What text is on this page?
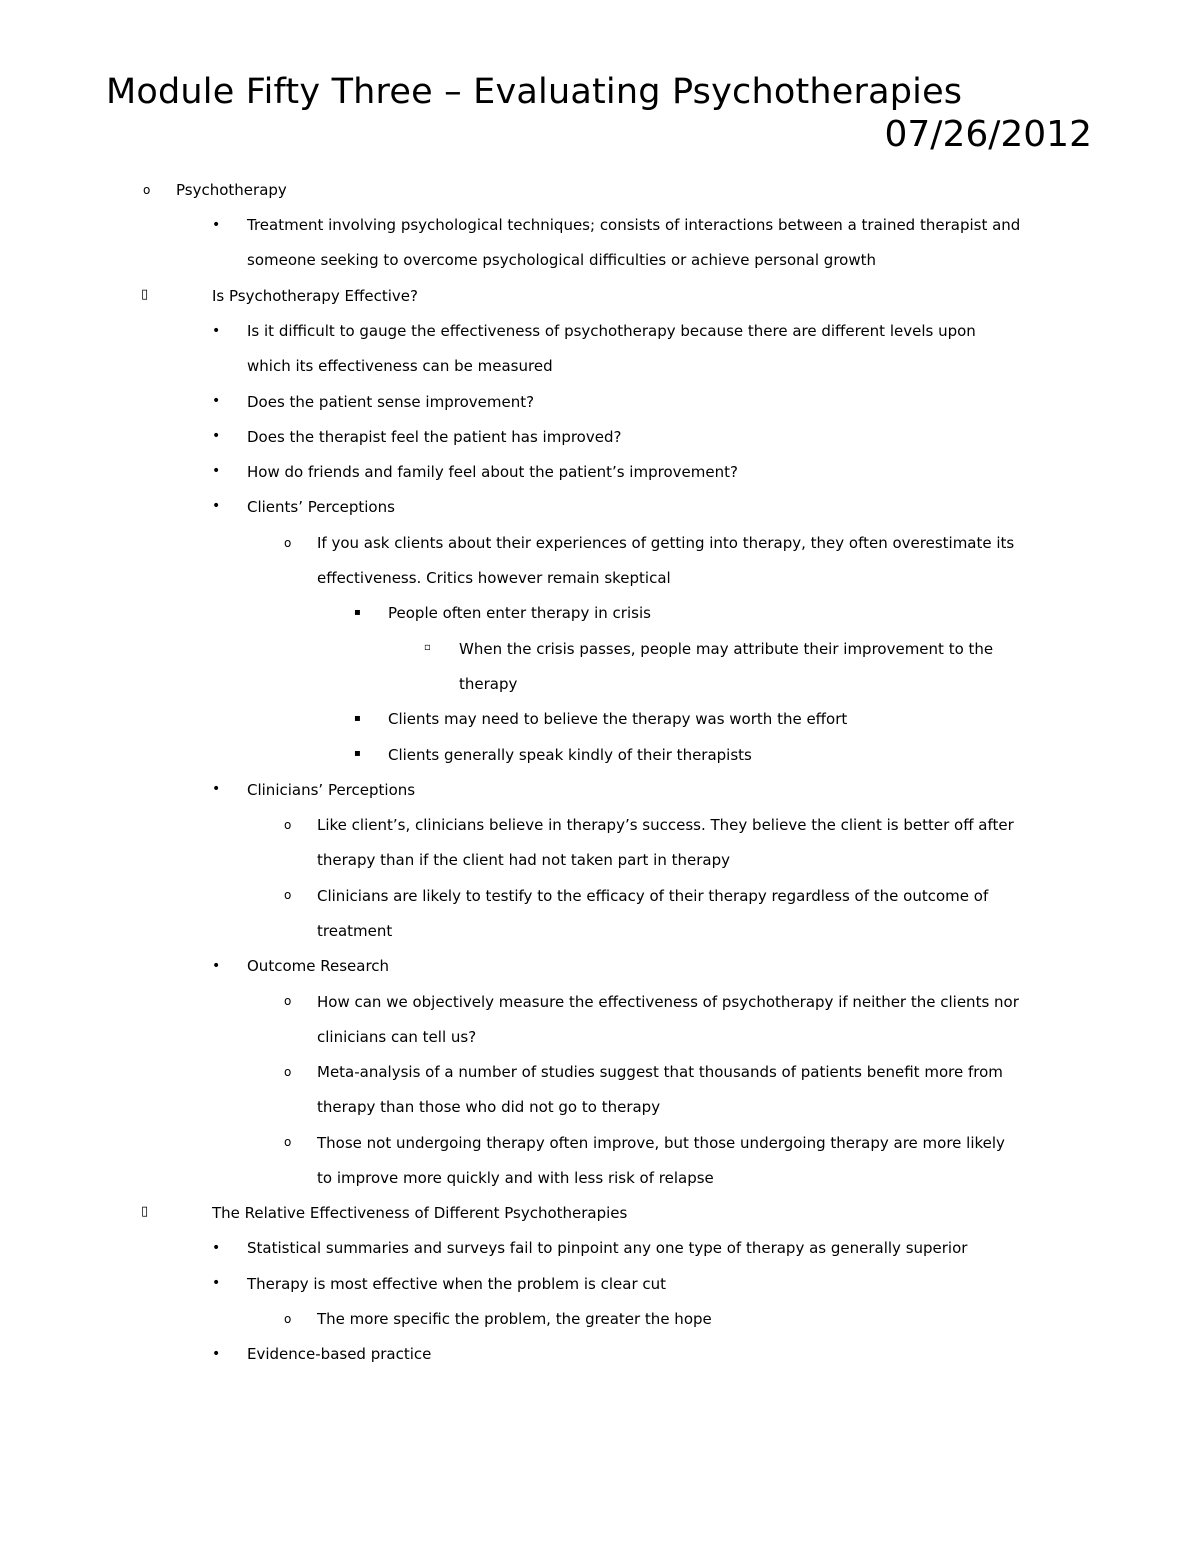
Module Fifty Three – Evaluating Psychotherapies
07/26/2012
o Psychotherapy
• Treatment involving psychological techniques; consists of interactions between a trained therapist and
someone seeking to overcome psychological difficulties or achieve personal growth
▯	Is Psychotherapy Effective?
• Is it difficult to gauge the effectiveness of psychotherapy because there are different levels upon
which its effectiveness can be measured
• Does the patient sense improvement?
• Does the therapist feel the patient has improved?
• How do friends and family feel about the patient’s improvement?
• Clients’ Perceptions
o If you ask clients about their experiences of getting into therapy, they often overestimate its
effectiveness. Critics however remain skeptical
▪ People often enter therapy in crisis
▫ When the crisis passes, people may attribute their improvement to the
therapy
▪ Clients may need to believe the therapy was worth the effort
▪ Clients generally speak kindly of their therapists
• Clinicians’ Perceptions
o Like client’s, clinicians believe in therapy’s success. They believe the client is better off after
therapy than if the client had not taken part in therapy
o Clinicians are likely to testify to the efficacy of their therapy regardless of the outcome of
treatment
• Outcome Research
o How can we objectively measure the effectiveness of psychotherapy if neither the clients nor
clinicians can tell us?
o Meta-analysis of a number of studies suggest that thousands of patients benefit more from
therapy than those who did not go to therapy
o Those not undergoing therapy often improve, but those undergoing therapy are more likely
to improve more quickly and with less risk of relapse
▯	The Relative Effectiveness of Different Psychotherapies
• Statistical summaries and surveys fail to pinpoint any one type of therapy as generally superior
• Therapy is most effective when the problem is clear cut
o The more specific the problem, the greater the hope
• Evidence-based practice
